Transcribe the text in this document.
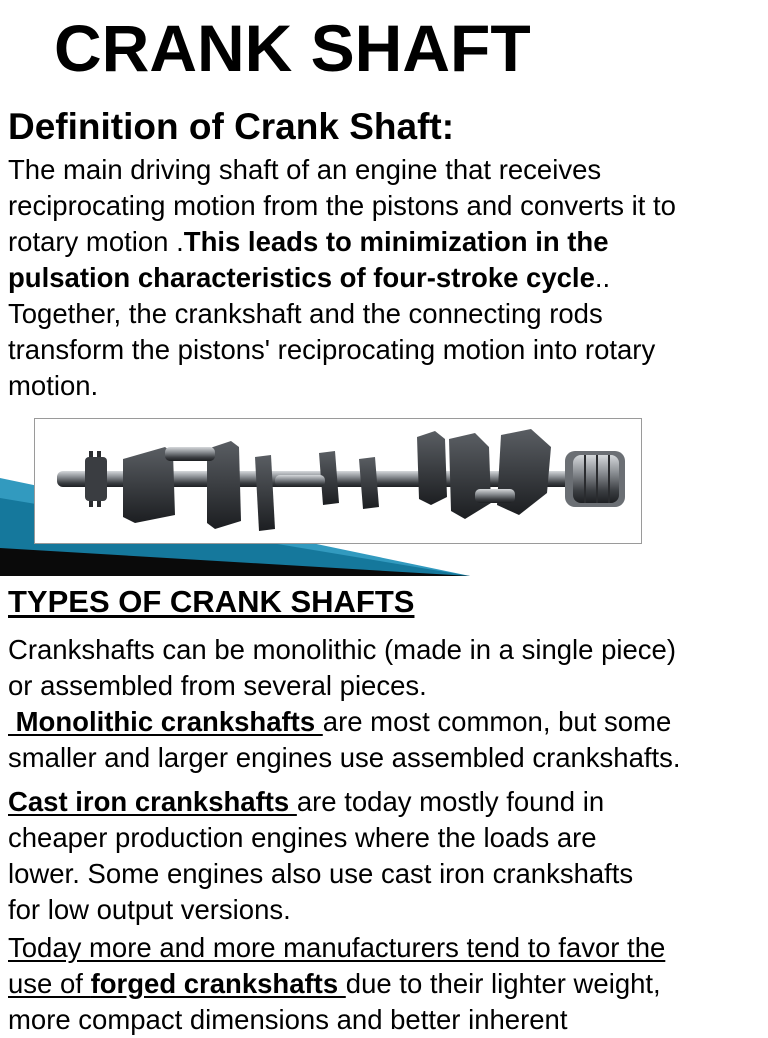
CRANK SHAFT
Definition of Crank Shaft:
The main driving shaft of an engine that receives
reciprocating motion from the pistons and converts it to
rotary motion .This leads to minimization in the
pulsation characteristics of four-stroke cycle..
Together, the crankshaft and the connecting rods
transform the pistons' reciprocating motion into rotary
motion.
TYPES OF CRANK SHAFTS
Crankshafts can be monolithic (made in a single piece)
or assembled from several pieces.
Monolithic crankshafts are most common, but some
smaller and larger engines use assembled crankshafts.
Cast iron crankshafts are today mostly found in
cheaper production engines where the loads are
lower. Some engines also use cast iron crankshafts
for low output versions.
Today more and more manufacturers tend to favor the
use of forged crankshafts due to their lighter weight,
more compact dimensions and better inherent
